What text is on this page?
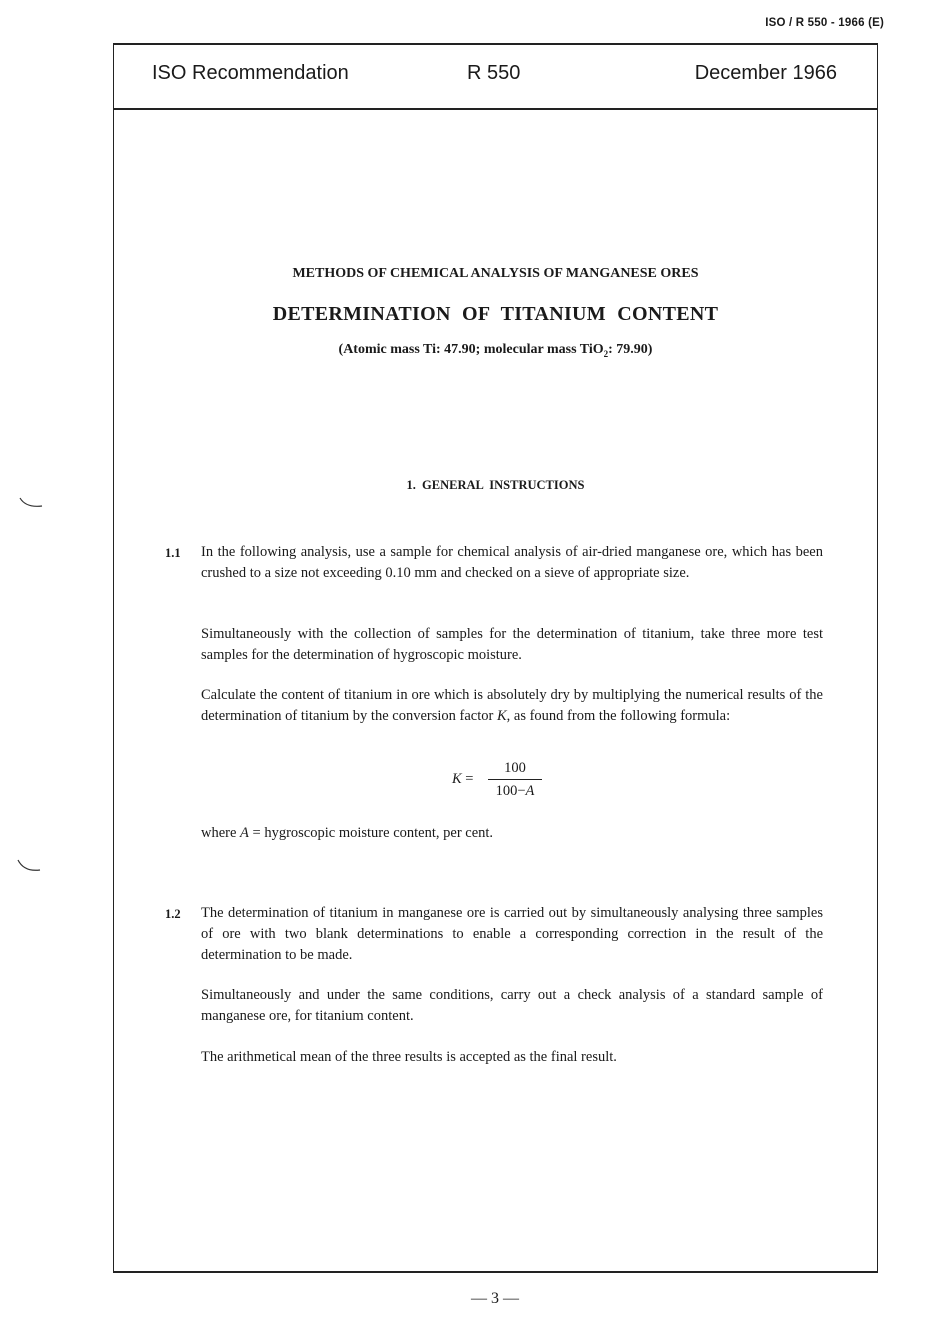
ISO / R 550 - 1966 (E)
ISO Recommendation	R 550	December 1966
METHODS OF CHEMICAL ANALYSIS OF MANGANESE ORES
DETERMINATION OF TITANIUM CONTENT
(Atomic mass Ti: 47.90; molecular mass TiO$_2$: 79.90)
1. GENERAL INSTRUCTIONS
1.1 In the following analysis, use a sample for chemical analysis of air-dried manganese ore, which has been crushed to a size not exceeding 0.10 mm and checked on a sieve of appropriate size.
Simultaneously with the collection of samples for the determination of titanium, take three more test samples for the determination of hygroscopic moisture.
Calculate the content of titanium in ore which is absolutely dry by multiplying the numerical results of the determination of titanium by the conversion factor K, as found from the following formula:
K =
100
100−A
where A = hygroscopic moisture content, per cent.
1.2 The determination of titanium in manganese ore is carried out by simultaneously analysing three samples of ore with two blank determinations to enable a corresponding correction in the result of the determination to be made.
Simultaneously and under the same conditions, carry out a check analysis of a standard sample of manganese ore, for titanium content.
The arithmetical mean of the three results is accepted as the final result.
— 3 —
